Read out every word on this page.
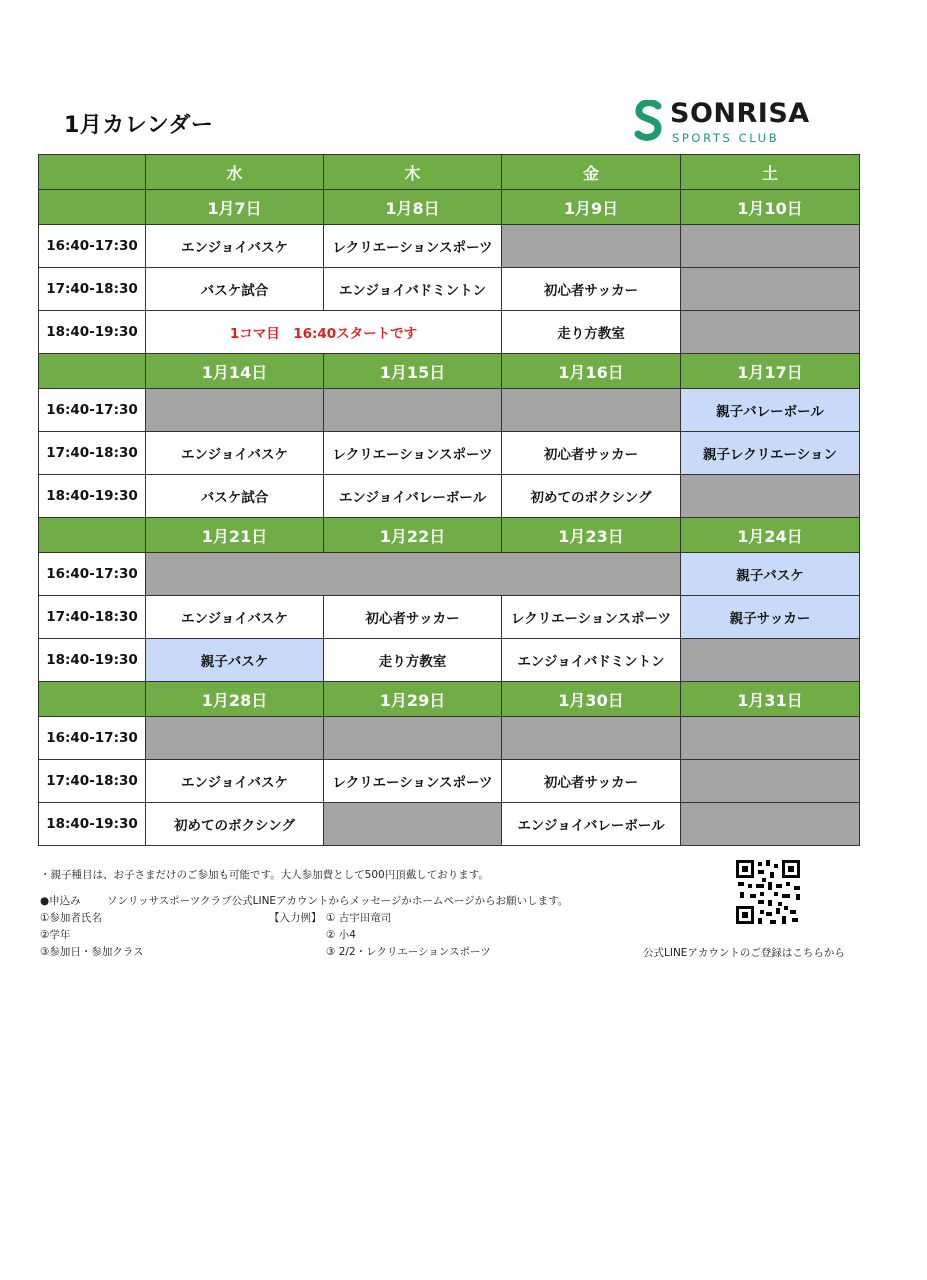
1月カレンダー	SONRISA
SPORTS CLUB
	水	木	金	土
	1月7日	1月8日	1月9日	1月10日
16:40-17:30	エンジョイバスケ	レクリエーションスポーツ		
17:40-18:30	バスケ試合	エンジョイバドミントン	初心者サッカー	
18:40-19:30	1コマ目　16:40スタートです		走り方教室	
	1月14日	1月15日	1月16日	1月17日
16:40-17:30				親子バレーボール
17:40-18:30	エンジョイバスケ	レクリエーションスポーツ	初心者サッカー	親子レクリエーション
18:40-19:30	バスケ試合	エンジョイバレーボール	初めてのボクシング	
	1月21日	1月22日	1月23日	1月24日
16:40-17:30				親子バスケ
17:40-18:30	エンジョイバスケ	初心者サッカー	レクリエーションスポーツ	親子サッカー
18:40-19:30	親子バスケ	走り方教室	エンジョイバドミントン	
	1月28日	1月29日	1月30日	1月31日
16:40-17:30				
17:40-18:30	エンジョイバスケ	レクリエーションスポーツ	初心者サッカー	
18:40-19:30	初めてのボクシング		エンジョイバレーボール	
・親子種目は、お子さまだけのご参加も可能です。大人参加費として500円頂戴しております。
●申込み	ソンリッサスポーツクラブ公式LINEアカウントからメッセージかホームページからお願いします。
①参加者氏名
②学年
③参加日・参加クラス
【入力例】 ① 古宇田竜司
② 小4
③ 2/2・レクリエーションスポーツ	公式LINEアカウントのご登録はこちらから
